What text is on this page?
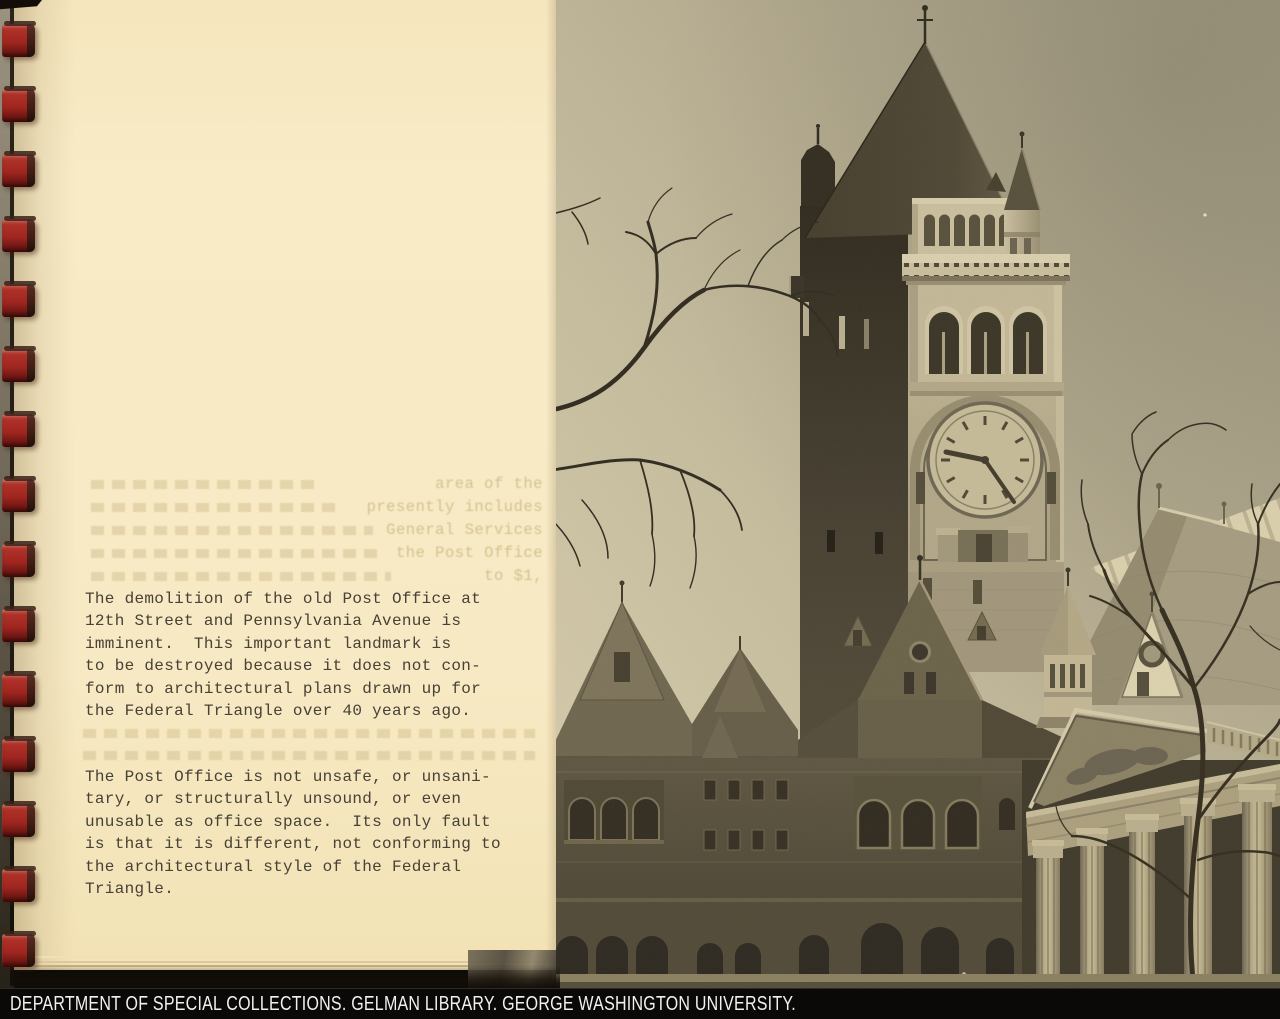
area of the
presently includes
General Services
the Post Office
to $1,
The demolition of the old Post Office at
12th Street and Pennsylvania Avenue is
imminent.  This important landmark is
to be destroyed because it does not con-
form to architectural plans drawn up for
the Federal Triangle over 40 years ago.
The Post Office is not unsafe, or unsani-
tary, or structurally unsound, or even
unusable as office space.  Its only fault
is that it is different, not conforming to
the architectural style of the Federal
Triangle.
DEPARTMENT OF SPECIAL COLLECTIONS. GELMAN LIBRARY. GEORGE WASHINGTON UNIVERSITY.
